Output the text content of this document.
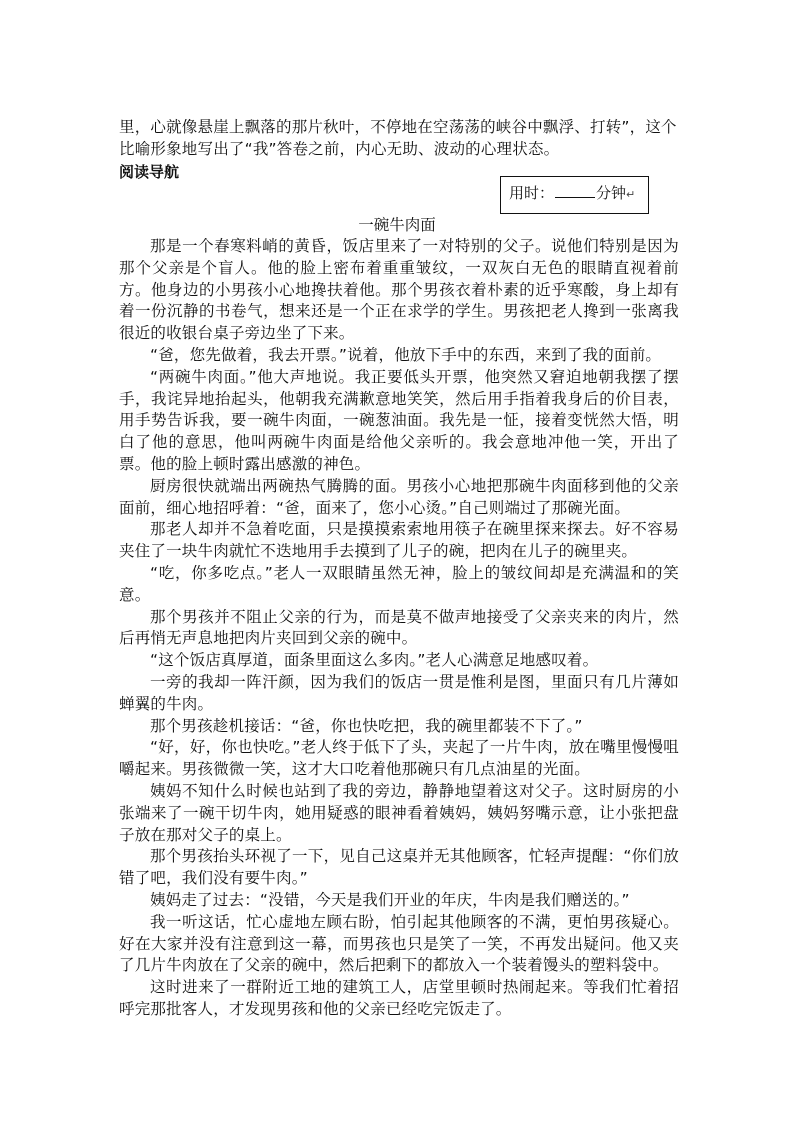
里，心就像悬崖上飘落的那片秋叶，不停地在空荡荡的峡谷中飘浮、打转”，这个比喻形象地写出了“我”答卷之前，内心无助、波动的心理状态。

阅读导航

用时：	分钟↵

一碗牛肉面

那是一个春寒料峭的黄昏，饭店里来了一对特别的父子。说他们特别是因为那个父亲是个盲人。他的脸上密布着重重皱纹，一双灰白无色的眼睛直视着前方。他身边的小男孩小心地搀扶着他。那个男孩衣着朴素的近乎寒酸，身上却有着一份沉静的书卷气，想来还是一个正在求学的学生。男孩把老人搀到一张离我很近的收银台桌子旁边坐了下来。

“爸，您先做着，我去开票。”说着，他放下手中的东西，来到了我的面前。

“两碗牛肉面。”他大声地说。我正要低头开票，他突然又窘迫地朝我摆了摆手，我诧异地抬起头，他朝我充满歉意地笑笑，然后用手指着我身后的价目表，用手势告诉我，要一碗牛肉面，一碗葱油面。我先是一怔，接着变恍然大悟，明白了他的意思，他叫两碗牛肉面是给他父亲听的。我会意地冲他一笑，开出了票。他的脸上顿时露出感激的神色。

厨房很快就端出两碗热气腾腾的面。男孩小心地把那碗牛肉面移到他的父亲面前，细心地招呼着：“爸，面来了，您小心烫。”自己则端过了那碗光面。

那老人却并不急着吃面，只是摸摸索索地用筷子在碗里探来探去。好不容易夹住了一块牛肉就忙不迭地用手去摸到了儿子的碗，把肉在儿子的碗里夹。

“吃，你多吃点。”老人一双眼睛虽然无神，脸上的皱纹间却是充满温和的笑意。

那个男孩并不阻止父亲的行为，而是莫不做声地接受了父亲夹来的肉片，然后再悄无声息地把肉片夹回到父亲的碗中。

“这个饭店真厚道，面条里面这么多肉。”老人心满意足地感叹着。

一旁的我却一阵汗颜，因为我们的饭店一贯是惟利是图，里面只有几片薄如蝉翼的牛肉。

那个男孩趁机接话：“爸，你也快吃把，我的碗里都装不下了。”

“好，好，你也快吃。”老人终于低下了头，夹起了一片牛肉，放在嘴里慢慢咀嚼起来。男孩微微一笑，这才大口吃着他那碗只有几点油星的光面。

姨妈不知什么时候也站到了我的旁边，静静地望着这对父子。这时厨房的小张端来了一碗干切牛肉，她用疑惑的眼神看着姨妈，姨妈努嘴示意，让小张把盘子放在那对父子的桌上。

那个男孩抬头环视了一下，见自己这桌并无其他顾客，忙轻声提醒：“你们放错了吧，我们没有要牛肉。”

姨妈走了过去：“没错，今天是我们开业的年庆，牛肉是我们赠送的。”

我一听这话，忙心虚地左顾右盼，怕引起其他顾客的不满，更怕男孩疑心。好在大家并没有注意到这一幕，而男孩也只是笑了一笑，不再发出疑问。他又夹了几片牛肉放在了父亲的碗中，然后把剩下的都放入一个装着馒头的塑料袋中。

这时进来了一群附近工地的建筑工人，店堂里顿时热闹起来。等我们忙着招呼完那批客人，才发现男孩和他的父亲已经吃完饭走了。
